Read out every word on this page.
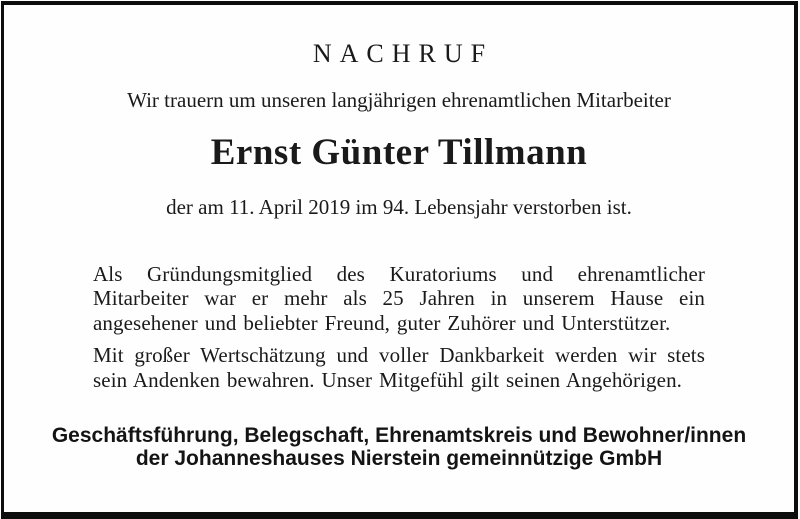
NACHRUF
Wir trauern um unseren langjährigen ehrenamtlichen Mitarbeiter
Ernst Günter Tillmann
der am 11. April 2019 im 94. Lebensjahr verstorben ist.

Als Gründungsmitglied des Kuratoriums und ehrenamtlicher Mitarbeiter war er mehr als 25 Jahren in unserem Hause ein angesehener und beliebter Freund, guter Zuhörer und Unterstützer.

Mit großer Wertschätzung und voller Dankbarkeit werden wir stets sein Andenken bewahren. Unser Mitgefühl gilt seinen Angehörigen.

Geschäftsführung, Belegschaft, Ehrenamtskreis und Bewohner/innen
der Johanneshauses Nierstein gemeinnützige GmbH
